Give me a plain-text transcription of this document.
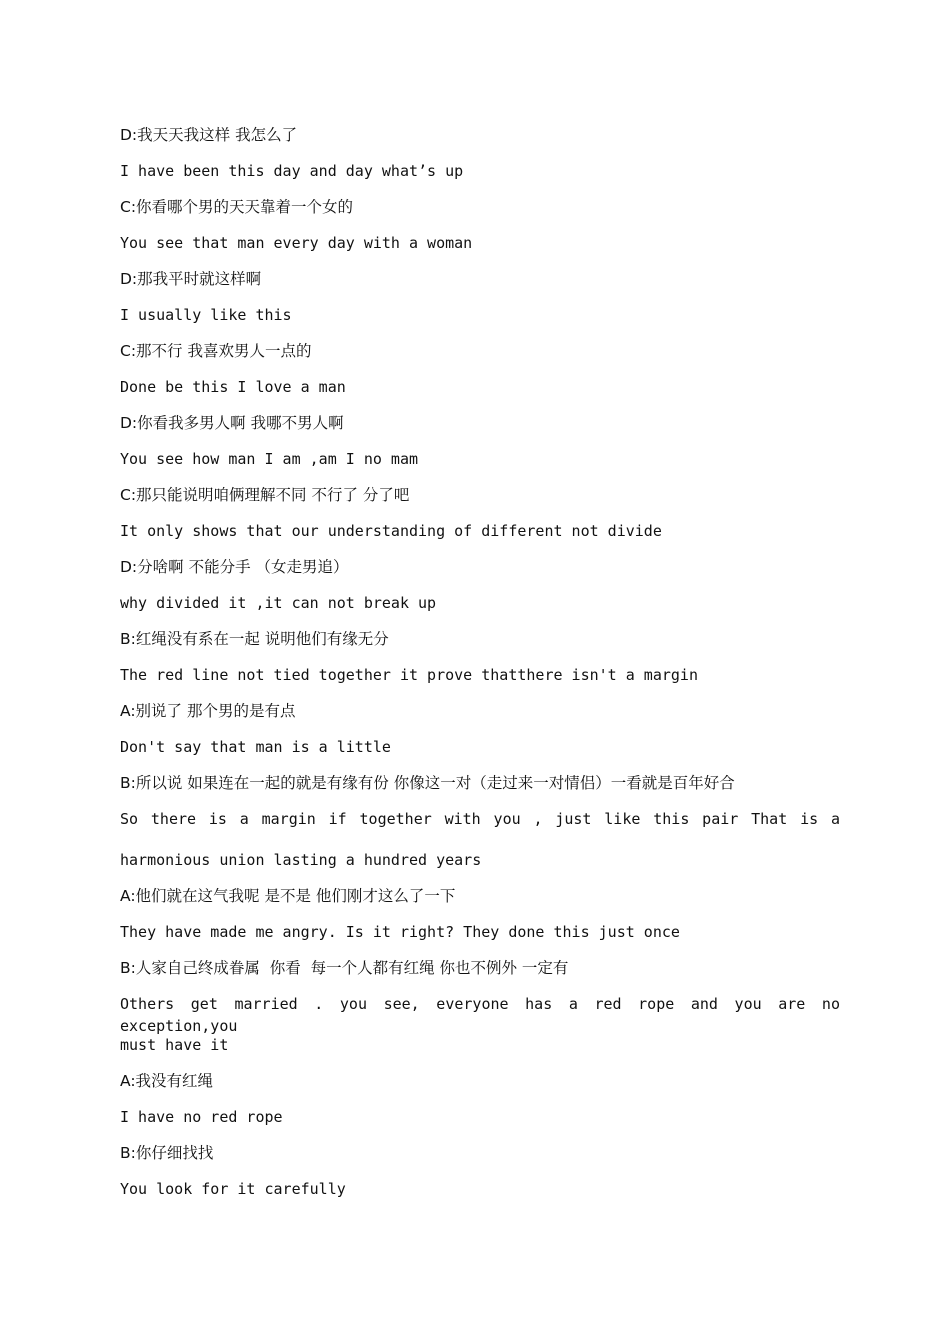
D:我天天我这样 我怎么了
I have been this day and day what’s up
C:你看哪个男的天天靠着一个女的
You see that man every day with a woman
D:那我平时就这样啊
I usually like this
C:那不行 我喜欢男人一点的
Done be this I love a man
D:你看我多男人啊 我哪不男人啊
You see how man I am ,am I no mam
C:那只能说明咱俩理解不同 不行了 分了吧
It only shows that our understanding of different not divide
D:分啥啊 不能分手 （女走男追）
why divided it ,it can not break up
B:红绳没有系在一起 说明他们有缘无分
The red line not tied together it prove thatthere isn't a margin
A:别说了 那个男的是有点
Don't say that man is a little
B:所以说 如果连在一起的就是有缘有份 你像这一对（走过来一对情侣）一看就是百年好合
So there is a margin if together with you , just like this pair That is a
harmonious union lasting a hundred years
A:他们就在这气我呢 是不是 他们刚才这么了一下
They have made me angry. Is it right? They done this just once
B:人家自己终成眷属  你看  每一个人都有红绳 你也不例外 一定有
Others get married . you see, everyone has a red rope and you are no exception,you
must have it
A:我没有红绳
I have no red rope
B:你仔细找找
You look for it carefully
